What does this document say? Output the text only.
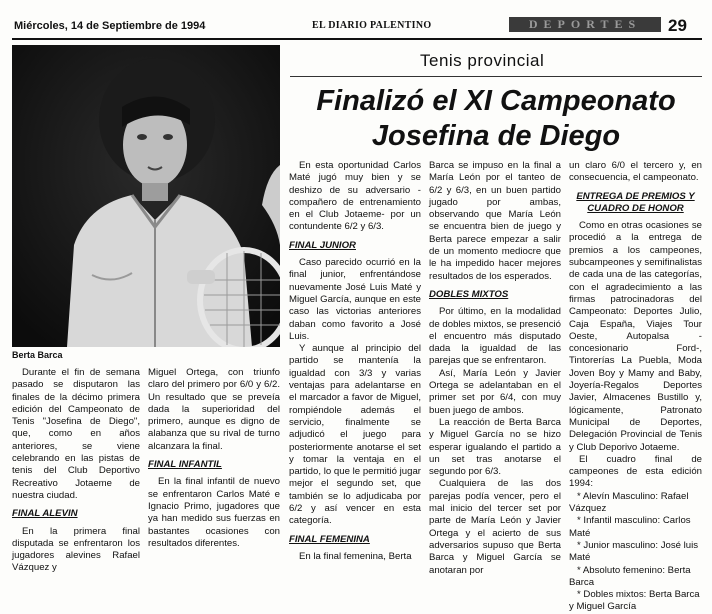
Miércoles, 14 de Septiembre de 1994	EL DIARIO PALENTINO	DEPORTES	29
Berta Barca
Tenis provincial
Finalizó el XI Campeonato
Josefina de Diego

Durante el fin de semana pasado se disputaron las finales de la décimo primera edición del Campeonato de Tenis "Josefina de Diego", que, como en años anteriores, se viene celebrando en las pistas de tenis del Club Deportivo Recreativo Jotaeme de nuestra ciudad.

FINAL ALEVIN

En la primera final disputada se enfrentaron los jugadores alevines Rafael Vázquez y

Miguel Ortega, con triunfo claro del primero por 6/0 y 6/2. Un resultado que se preveía dada la superioridad del primero, aunque es digno de alabanza que su rival de turno alcanzara la final.

FINAL INFANTIL

En la final infantil de nuevo se enfrentaron Carlos Maté e Ignacio Primo, jugadores que ya han medido sus fuerzas en bastantes ocasiones con resultados diferentes.

En esta oportunidad Carlos Maté jugó muy bien y se deshizo de su adversario -compañero de entrenamiento en el Club Jotaeme- por un contundente 6/2 y 6/3.

FINAL JUNIOR

Caso parecido ocurrió en la final junior, enfrentándose nuevamente José Luis Maté y Miguel García, aunque en este caso las victorias anteriores daban como favorito a José Luis.

Y aunque al principio del partido se mantenía la igualdad con 3/3 y varias ventajas para adelantarse en el marcador a favor de Miguel, rompiéndole además el servicio, finalmente se adjudicó el juego para posteriormente anotarse el set y tomar la ventaja en el partido, lo que le permitió jugar mejor el segundo set, que también se lo adjudicaba por 6/2 y así vencer en esta categoría.

FINAL FEMENINA

En la final femenina, Berta

Barca se impuso en la final a María León por el tanteo de 6/2 y 6/3, en un buen partido jugado por ambas, observando que María León se encuentra bien de juego y Berta parece empezar a salir de un momento mediocre que le ha impedido hacer mejores resultados de los esperados.

DOBLES MIXTOS

Por último, en la modalidad de dobles mixtos, se presenció el encuentro más disputado dada la igualdad de las parejas que se enfrentaron.

Así, María León y Javier Ortega se adelantaban en el primer set por 6/4, con muy buen juego de ambos.

La reacción de Berta Barca y Miguel García no se hizo esperar igualando el partido a un set tras anotarse el segundo por 6/3.

Cualquiera de las dos parejas podía vencer, pero el mal inicio del tercer set por parte de María León y Javier Ortega y el acierto de sus adversarios supuso que Berta Barca y Miguel García se anotaran por

un claro 6/0 el tercero y, en consecuencia, el campeonato.

ENTREGA DE PREMIOS Y CUADRO DE HONOR

Como en otras ocasiones se procedió a la entrega de premios a los campeones, subcampeones y semifinalistas de cada una de las categorías, con el agradecimiento a las firmas patrocinadoras del Campeonato: Deportes Julio, Caja España, Viajes Tour Oeste, Autopalsa -concesionario Ford-, Tintorerías La Puebla, Moda Joven Boy y Mamy and Baby, Joyería-Regalos Deportes Javier, Almacenes Bustillo y, lógicamente, Patronato Municipal de Deportes, Delegación Provincial de Tenis y Club Deporivo Jotaeme.

El cuadro final de campeones de esta edición 1994:

* Alevín Masculino: Rafael Vázquez

* Infantil masculino: Carlos Maté

* Junior masculino: José luis Maté

* Absoluto femenino: Berta Barca

* Dobles mixtos: Berta Barca y Miguel García
